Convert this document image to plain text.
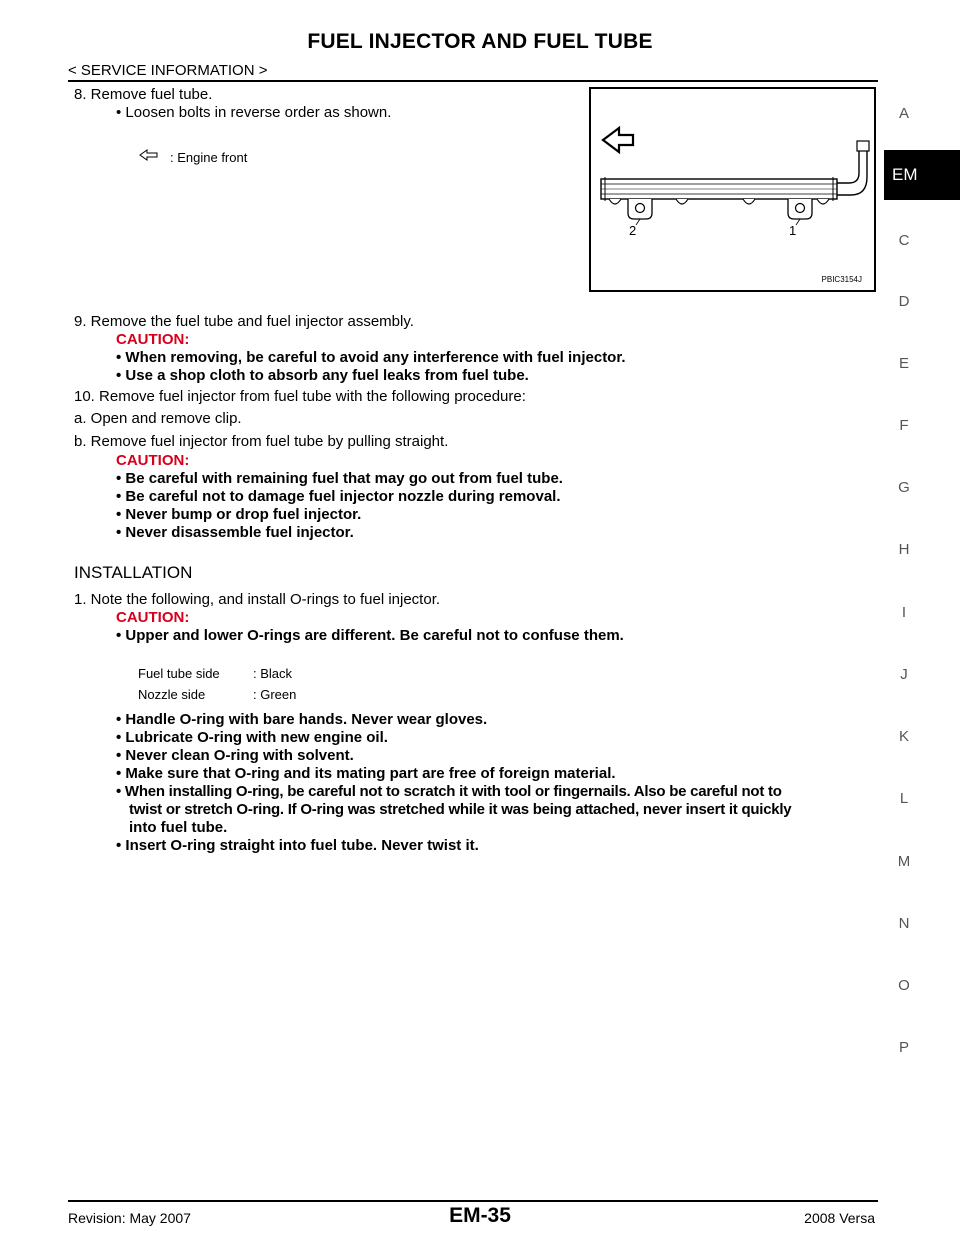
FUEL INJECTOR AND FUEL TUBE
< SERVICE INFORMATION >
A
EM
C
D
E
F
G
H
I
J
K
L
M
N
O
P
8. Remove fuel tube.
• Loosen bolts in reverse order as shown.
: Engine front
2	1
PBIC3154J
9. Remove the fuel tube and fuel injector assembly.
CAUTION:
• When removing, be careful to avoid any interference with fuel injector.
• Use a shop cloth to absorb any fuel leaks from fuel tube.
10. Remove fuel injector from fuel tube with the following procedure:
a. Open and remove clip.
b. Remove fuel injector from fuel tube by pulling straight.
CAUTION:
• Be careful with remaining fuel that may go out from fuel tube.
• Be careful not to damage fuel injector nozzle during removal.
• Never bump or drop fuel injector.
• Never disassemble fuel injector.
INSTALLATION
1. Note the following, and install O-rings to fuel injector.
CAUTION:
• Upper and lower O-rings are different. Be careful not to confuse them.
Fuel tube side	: Black
Nozzle side	: Green
• Handle O-ring with bare hands. Never wear gloves.
• Lubricate O-ring with new engine oil.
• Never clean O-ring with solvent.
• Make sure that O-ring and its mating part are free of foreign material.
• When installing O-ring, be careful not to scratch it with tool or fingernails. Also be careful not to
twist or stretch O-ring. If O-ring was stretched while it was being attached, never insert it quickly
into fuel tube.
• Insert O-ring straight into fuel tube. Never twist it.
Revision: May 2007	EM-35	2008 Versa
